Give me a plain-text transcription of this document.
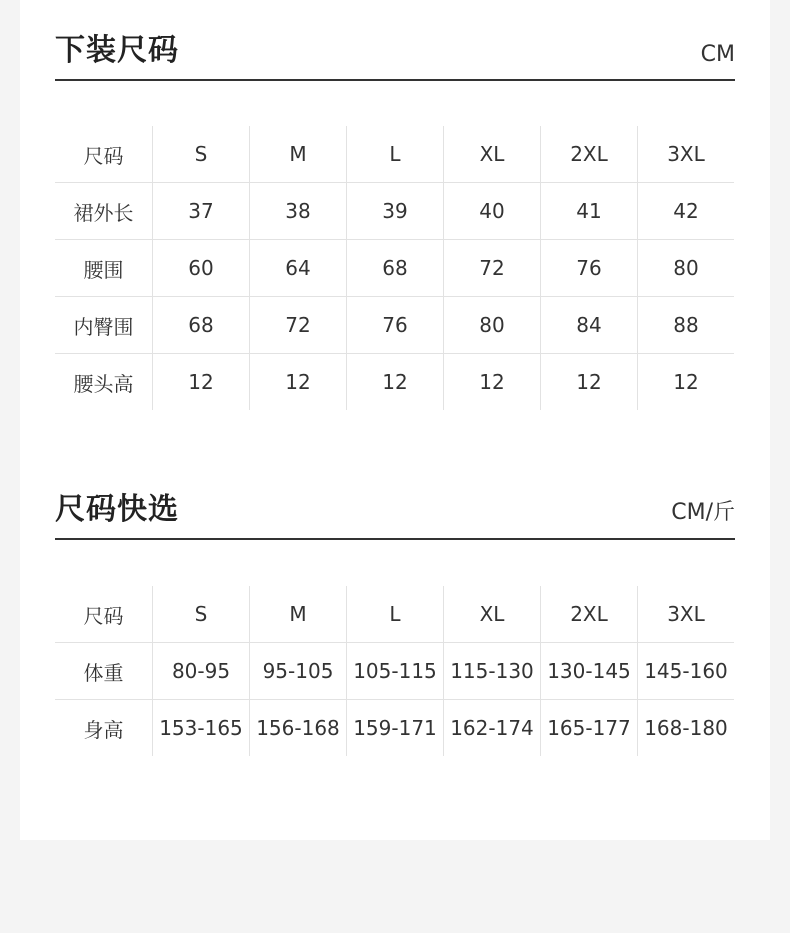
下装尺码	CM
尺码	S	M	L	XL	2XL	3XL
裙外长	37	38	39	40	41	42
腰围	60	64	68	72	76	80
内臀围	68	72	76	80	84	88
腰头高	12	12	12	12	12	12
尺码快选	CM/斤
尺码	S	M	L	XL	2XL	3XL
体重	80-95	95-105 105-115 115-130 130-145 145-160
身高	153-165 156-168 159-171 162-174 165-177 168-180
